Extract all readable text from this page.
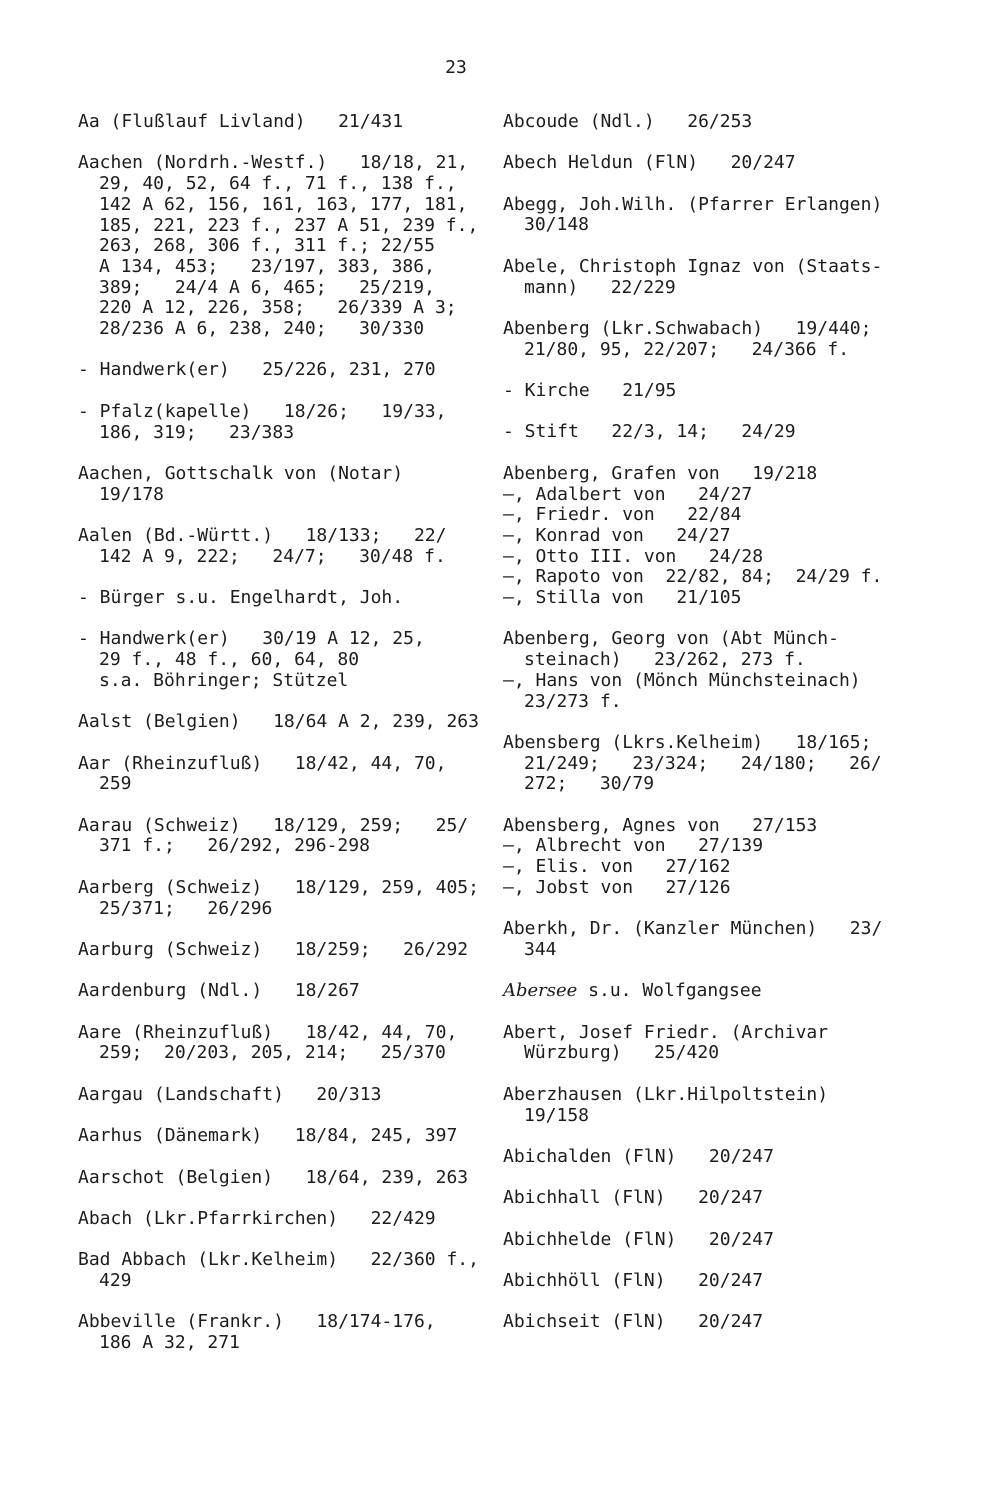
23
Aa (Flußlauf Livland)   21/431
Aachen (Nordrh.-Westf.)   18/18, 21,
29, 40, 52, 64 f., 71 f., 138 f.,
142 A 62, 156, 161, 163, 177, 181,
185, 221, 223 f., 237 A 51, 239 f.,
263, 268, 306 f., 311 f.; 22/55
A 134, 453;   23/197, 383, 386,
389;   24/4 A 6, 465;   25/219,
220 A 12, 226, 358;   26/339 A 3;
28/236 A 6, 238, 240;   30/330
- Handwerk(er)   25/226, 231, 270
- Pfalz(kapelle)   18/26;   19/33,
186, 319;   23/383
Aachen, Gottschalk von (Notar)
19/178
Aalen (Bd.-Württ.)   18/133;   22/
142 A 9, 222;   24/7;   30/48 f.
- Bürger s.u. Engelhardt, Joh.
- Handwerk(er)   30/19 A 12, 25,
29 f., 48 f., 60, 64, 80
s.a. Böhringer; Stützel
Aalst (Belgien)   18/64 A 2, 239, 263
Aar (Rheinzufluß)   18/42, 44, 70,
259
Aarau (Schweiz)   18/129, 259;   25/
371 f.;   26/292, 296-298
Aarberg (Schweiz)   18/129, 259, 405;
25/371;   26/296
Aarburg (Schweiz)   18/259;   26/292
Aardenburg (Ndl.)   18/267
Aare (Rheinzufluß)   18/42, 44, 70,
259;  20/203, 205, 214;   25/370
Aargau (Landschaft)   20/313
Aarhus (Dänemark)   18/84, 245, 397
Aarschot (Belgien)   18/64, 239, 263
Abach (Lkr.Pfarrkirchen)   22/429
Bad Abbach (Lkr.Kelheim)   22/360 f.,
429
Abbeville (Frankr.)   18/174-176,
186 A 32, 271
Abcoude (Ndl.)   26/253
Abech Heldun (FlN)   20/247
Abegg, Joh.Wilh. (Pfarrer Erlangen)
30/148
Abele, Christoph Ignaz von (Staats-
mann)   22/229
Abenberg (Lkr.Schwabach)   19/440;
21/80, 95, 22/207;   24/366 f.
- Kirche   21/95
- Stift   22/3, 14;   24/29
Abenberg, Grafen von   19/218
—, Adalbert von   24/27
—, Friedr. von   22/84
—, Konrad von   24/27
—, Otto III. von   24/28
—, Rapoto von  22/82, 84;  24/29 f.
—, Stilla von   21/105
Abenberg, Georg von (Abt Münch-
steinach)   23/262, 273 f.
—, Hans von (Mönch Münchsteinach)
23/273 f.
Abensberg (Lkrs.Kelheim)   18/165;
21/249;   23/324;   24/180;   26/
272;   30/79
Abensberg, Agnes von   27/153
—, Albrecht von   27/139
—, Elis. von   27/162
—, Jobst von   27/126
Aberkh, Dr. (Kanzler München)   23/
344
Abersee s.u. Wolfgangsee
Abert, Josef Friedr. (Archivar
Würzburg)   25/420
Aberzhausen (Lkr.Hilpoltstein)
19/158
Abichalden (FlN)   20/247
Abichhall (FlN)   20/247
Abichhelde (FlN)   20/247
Abichhöll (FlN)   20/247
Abichseit (FlN)   20/247
